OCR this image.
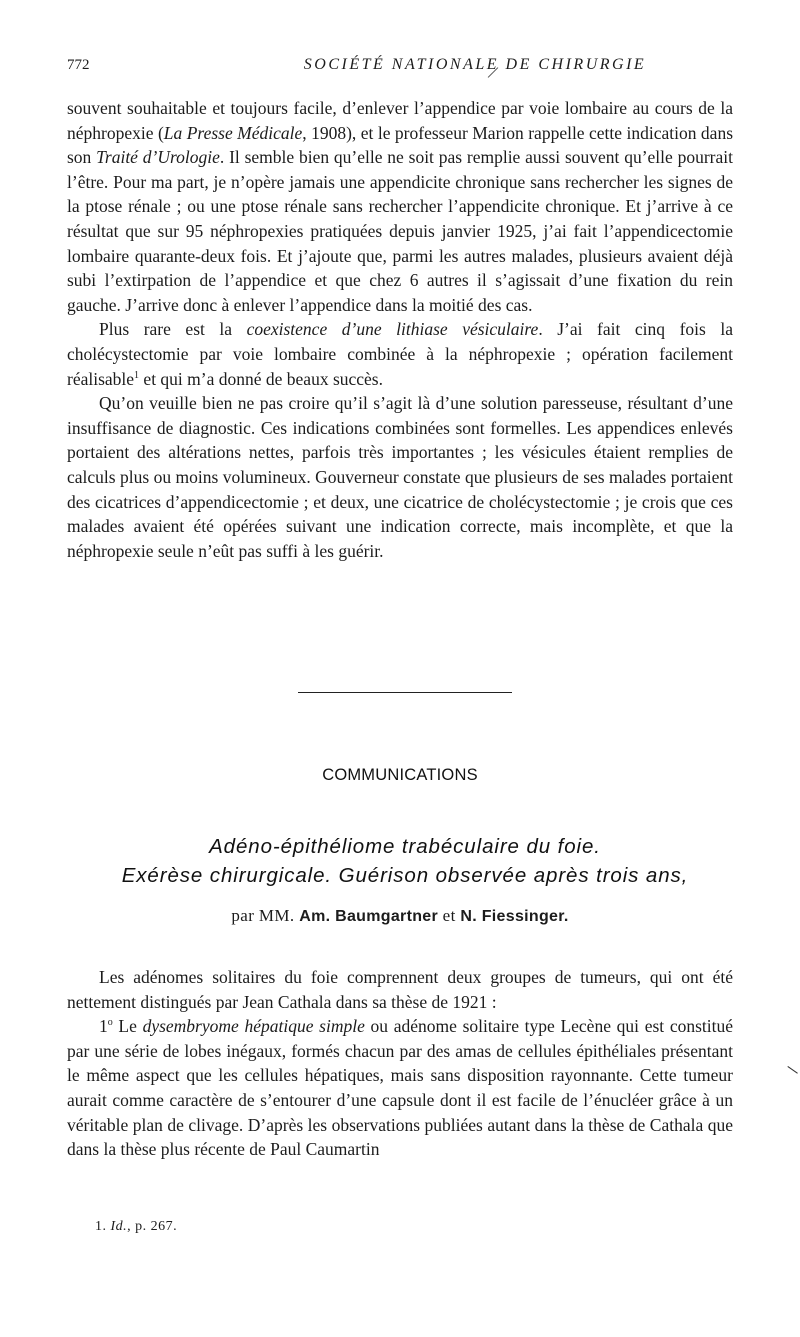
772	SOCIÉTÉ NATIONALE DE CHIRURGIE

souvent souhaitable et toujours facile, d’enlever l’appendice par voie lombaire au cours de la néphropexie (La Presse Médicale, 1908), et le professeur Marion rappelle cette indication dans son Traité d’Urologie. Il semble bien qu’elle ne soit pas remplie aussi souvent qu’elle pourrait l’être. Pour ma part, je n’opère jamais une appendicite chronique sans rechercher les signes de la ptose rénale ; ou une ptose rénale sans rechercher l’appendicite chronique. Et j’arrive à ce résultat que sur 95 néphropexies pratiquées depuis janvier 1925, j’ai fait l’appendicectomie lombaire quarante-deux fois. Et j’ajoute que, parmi les autres malades, plusieurs avaient déjà subi l’extirpation de l’appendice et que chez 6 autres il s’agissait d’une fixation du rein gauche. J’arrive donc à enlever l’appendice dans la moitié des cas.

Plus rare est la coexistence d’une lithiase vésiculaire. J’ai fait cinq fois la cholécystectomie par voie lombaire combinée à la néphropexie ; opération facilement réalisable$^1$ et qui m’a donné de beaux succès.

Qu’on veuille bien ne pas croire qu’il s’agit là d’une solution paresseuse, résultant d’une insuffisance de diagnostic. Ces indications combinées sont formelles. Les appendices enlevés portaient des altérations nettes, parfois très importantes ; les vésicules étaient remplies de calculs plus ou moins volumineux. Gouverneur constate que plusieurs de ses malades portaient des cicatrices d’appendicectomie ; et deux, une cicatrice de cholécystectomie ; je crois que ces malades avaient été opérées suivant une indication correcte, mais incomplète, et que la néphropexie seule n’eût pas suffi à les guérir.

COMMUNICATIONS
Adéno-épithéliome trabéculaire du foie.
Exérèse chirurgicale. Guérison observée après trois ans,
par MM. Am. Baumgartner et N. Fiessinger.

Les adénomes solitaires du foie comprennent deux groupes de tumeurs, qui ont été nettement distingués par Jean Cathala dans sa thèse de 1921 :

1$^o$ Le dysembryome hépatique simple ou adénome solitaire type Lecène qui est constitué par une série de lobes inégaux, formés chacun par des amas de cellules épithéliales présentant le même aspect que les cellules hépatiques, mais sans disposition rayonnante. Cette tumeur aurait comme caractère de s’entourer d’une capsule dont il est facile de l’énucléer grâce à un véritable plan de clivage. D’après les observations publiées autant dans la thèse de Cathala que dans la thèse plus récente de Paul Caumartin

1. Id., p. 267.
